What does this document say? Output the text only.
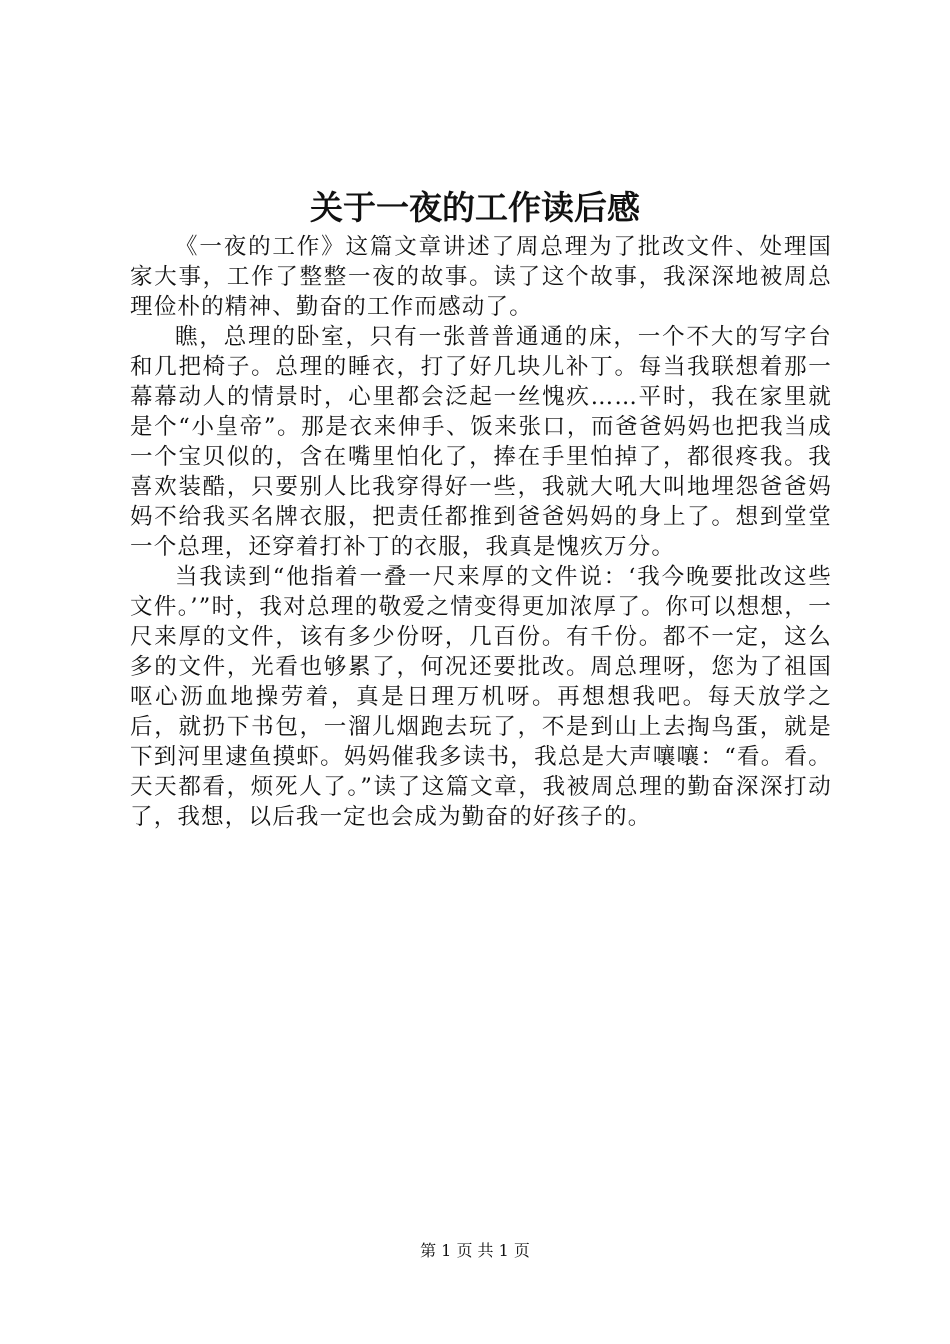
关于一夜的工作读后感

《一夜的工作》这篇文章讲述了周总理为了批改文件、处理国家大事，工作了整整一夜的故事。读了这个故事，我深深地被周总理俭朴的精神、勤奋的工作而感动了。

瞧，总理的卧室，只有一张普普通通的床，一个不大的写字台和几把椅子。总理的睡衣，打了好几块儿补丁。每当我联想着那一幕幕动人的情景时，心里都会泛起一丝愧疚……平时，我在家里就是个“小皇帝”。那是衣来伸手、饭来张口，而爸爸妈妈也把我当成一个宝贝似的，含在嘴里怕化了，捧在手里怕掉了，都很疼我。我喜欢装酷，只要别人比我穿得好一些，我就大吼大叫地埋怨爸爸妈妈不给我买名牌衣服，把责任都推到爸爸妈妈的身上了。想到堂堂一个总理，还穿着打补丁的衣服，我真是愧疚万分。

当我读到“他指着一叠一尺来厚的文件说：‘我今晚要批改这些文件。’”时，我对总理的敬爱之情变得更加浓厚了。你可以想想，一尺来厚的文件，该有多少份呀，几百份。有千份。都不一定，这么多的文件，光看也够累了，何况还要批改。周总理呀，您为了祖国呕心沥血地操劳着，真是日理万机呀。再想想我吧。每天放学之后，就扔下书包，一溜儿烟跑去玩了，不是到山上去掏鸟蛋，就是下到河里逮鱼摸虾。妈妈催我多读书，我总是大声嚷嚷：“看。看。天天都看，烦死人了。”读了这篇文章，我被周总理的勤奋深深打动了，我想，以后我一定也会成为勤奋的好孩子的。

第 1 页 共 1 页
